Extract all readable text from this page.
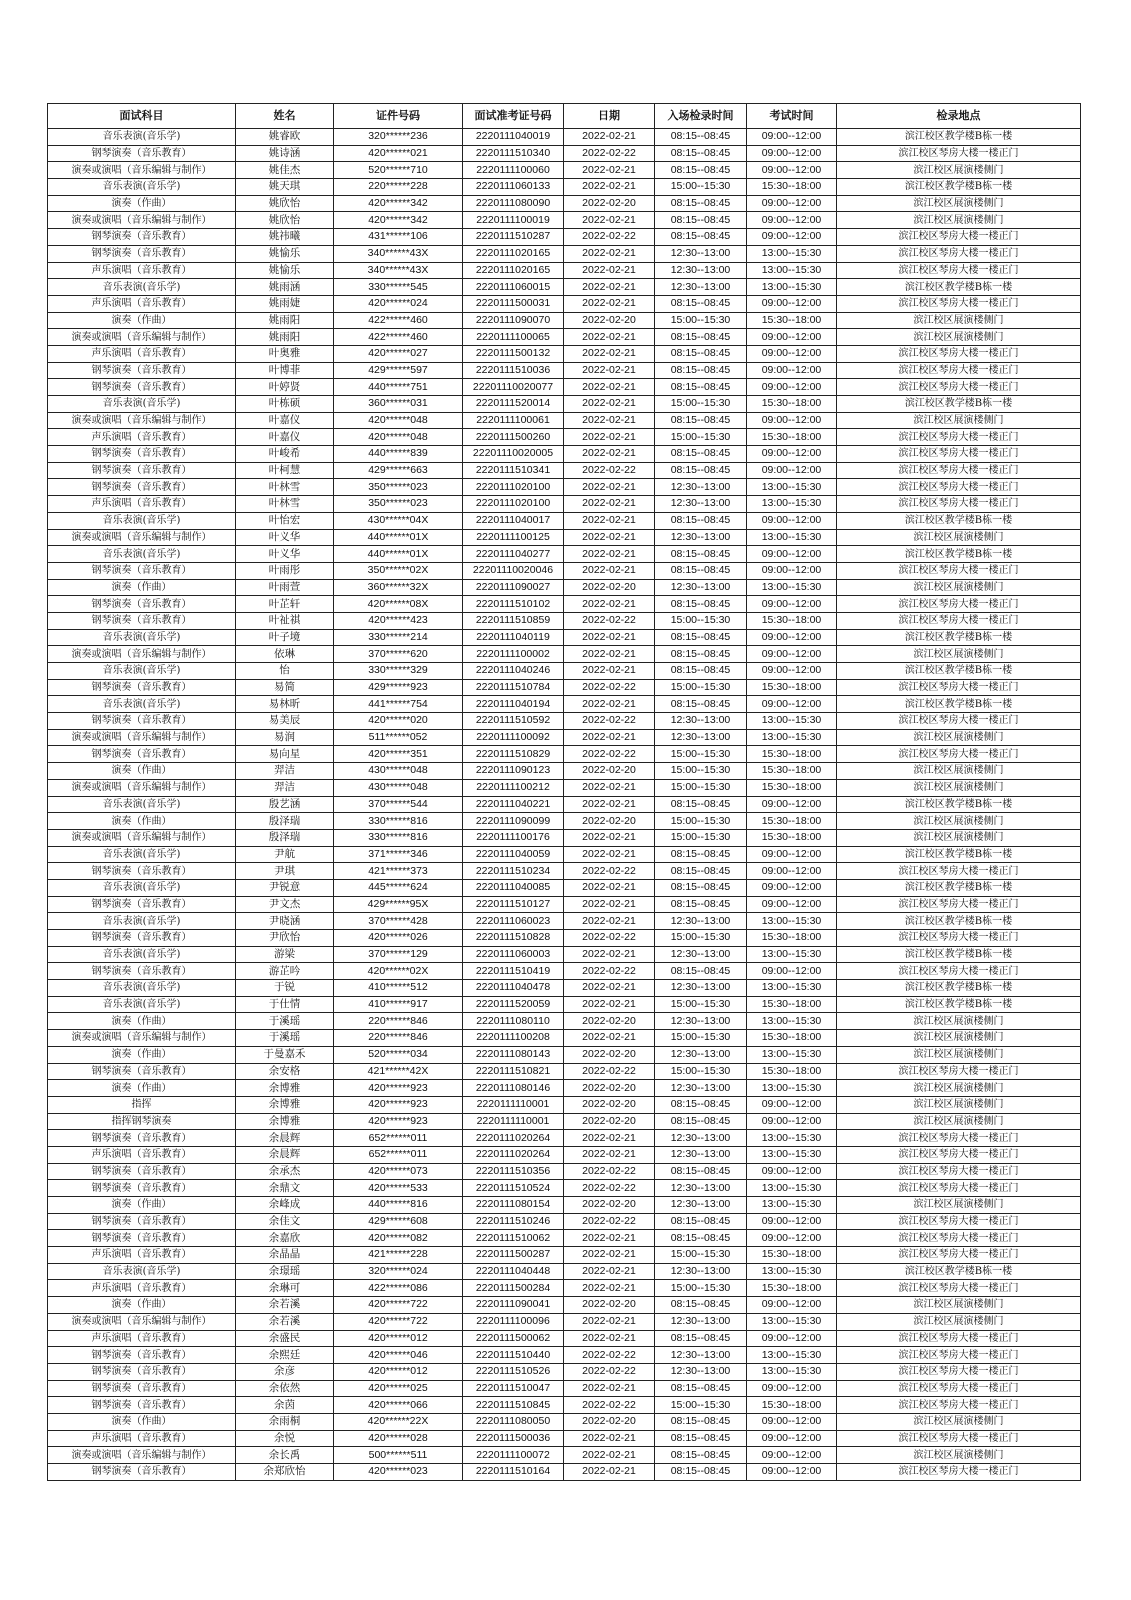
面试科目	姓名	证件号码	面试准考证号码	日期	入场检录时间	考试时间	检录地点
音乐表演(音乐学)	姚睿欧	320******236	2220111040019	2022-02-21	08:15--08:45	09:00--12:00	滨江校区教学楼B栋一楼
钢琴演奏（音乐教育）	姚诗涵	420******021	2220111510340	2022-02-22	08:15--08:45	09:00--12:00	滨江校区琴房大楼一楼正门
演奏或演唱（音乐编辑与制作）	姚佳杰	520******710	2220111100060	2022-02-21	08:15--08:45	09:00--12:00	滨江校区展演楼侧门
音乐表演(音乐学)	姚天琪	220******228	2220111060133	2022-02-21	15:00--15:30	15:30--18:00	滨江校区教学楼B栋一楼
演奏（作曲）	姚欣怡	420******342	2220111080090	2022-02-20	08:15--08:45	09:00--12:00	滨江校区展演楼侧门
演奏或演唱（音乐编辑与制作）	姚欣怡	420******342	2220111100019	2022-02-21	08:15--08:45	09:00--12:00	滨江校区展演楼侧门
钢琴演奏（音乐教育）	姚祎曦	431******106	2220111510287	2022-02-22	08:15--08:45	09:00--12:00	滨江校区琴房大楼一楼正门
钢琴演奏（音乐教育）	姚愉乐	340******43X	2220111020165	2022-02-21	12:30--13:00	13:00--15:30	滨江校区琴房大楼一楼正门
声乐演唱（音乐教育）	姚愉乐	340******43X	2220111020165	2022-02-21	12:30--13:00	13:00--15:30	滨江校区琴房大楼一楼正门
音乐表演(音乐学)	姚雨涵	330******545	2220111060015	2022-02-21	12:30--13:00	13:00--15:30	滨江校区教学楼B栋一楼
声乐演唱（音乐教育）	姚雨婕	420******024	2220111500031	2022-02-21	08:15--08:45	09:00--12:00	滨江校区琴房大楼一楼正门
演奏（作曲）	姚雨阳	422******460	2220111090070	2022-02-20	15:00--15:30	15:30--18:00	滨江校区展演楼侧门
演奏或演唱（音乐编辑与制作）	姚雨阳	422******460	2220111100065	2022-02-21	08:15--08:45	09:00--12:00	滨江校区展演楼侧门
声乐演唱（音乐教育）	叶奥雅	420******027	2220111500132	2022-02-21	08:15--08:45	09:00--12:00	滨江校区琴房大楼一楼正门
钢琴演奏（音乐教育）	叶博菲	429******597	2220111510036	2022-02-21	08:15--08:45	09:00--12:00	滨江校区琴房大楼一楼正门
钢琴演奏（音乐教育）	叶婷贤	440******751	22201110020077	2022-02-21	08:15--08:45	09:00--12:00	滨江校区琴房大楼一楼正门
音乐表演(音乐学)	叶栋硕	360******031	2220111520014	2022-02-21	15:00--15:30	15:30--18:00	滨江校区教学楼B栋一楼
演奏或演唱（音乐编辑与制作）	叶嘉仪	420******048	2220111100061	2022-02-21	08:15--08:45	09:00--12:00	滨江校区展演楼侧门
声乐演唱（音乐教育）	叶嘉仪	420******048	2220111500260	2022-02-21	15:00--15:30	15:30--18:00	滨江校区琴房大楼一楼正门
钢琴演奏（音乐教育）	叶峻希	440******839	22201110020005	2022-02-21	08:15--08:45	09:00--12:00	滨江校区琴房大楼一楼正门
钢琴演奏（音乐教育）	叶柯慧	429******663	2220111510341	2022-02-22	08:15--08:45	09:00--12:00	滨江校区琴房大楼一楼正门
钢琴演奏（音乐教育）	叶林雪	350******023	2220111020100	2022-02-21	12:30--13:00	13:00--15:30	滨江校区琴房大楼一楼正门
声乐演唱（音乐教育）	叶林雪	350******023	2220111020100	2022-02-21	12:30--13:00	13:00--15:30	滨江校区琴房大楼一楼正门
音乐表演(音乐学)	叶怡宏	430******04X	2220111040017	2022-02-21	08:15--08:45	09:00--12:00	滨江校区教学楼B栋一楼
演奏或演唱（音乐编辑与制作）	叶义华	440******01X	2220111100125	2022-02-21	12:30--13:00	13:00--15:30	滨江校区展演楼侧门
音乐表演(音乐学)	叶义华	440******01X	2220111040277	2022-02-21	08:15--08:45	09:00--12:00	滨江校区教学楼B栋一楼
钢琴演奏（音乐教育）	叶雨彤	350******02X	22201110020046	2022-02-21	08:15--08:45	09:00--12:00	滨江校区琴房大楼一楼正门
演奏（作曲）	叶雨萱	360******32X	2220111090027	2022-02-20	12:30--13:00	13:00--15:30	滨江校区展演楼侧门
钢琴演奏（音乐教育）	叶芷轩	420******08X	2220111510102	2022-02-21	08:15--08:45	09:00--12:00	滨江校区琴房大楼一楼正门
钢琴演奏（音乐教育）	叶祉祺	420******423	2220111510859	2022-02-22	15:00--15:30	15:30--18:00	滨江校区琴房大楼一楼正门
音乐表演(音乐学)	叶子境	330******214	2220111040119	2022-02-21	08:15--08:45	09:00--12:00	滨江校区教学楼B栋一楼
演奏或演唱（音乐编辑与制作）	依琳	370******620	2220111100002	2022-02-21	08:15--08:45	09:00--12:00	滨江校区展演楼侧门
音乐表演(音乐学)	怡	330******329	2220111040246	2022-02-21	08:15--08:45	09:00--12:00	滨江校区教学楼B栋一楼
钢琴演奏（音乐教育）	易简	429******923	2220111510784	2022-02-22	15:00--15:30	15:30--18:00	滨江校区琴房大楼一楼正门
音乐表演(音乐学)	易林昕	441******754	2220111040194	2022-02-21	08:15--08:45	09:00--12:00	滨江校区教学楼B栋一楼
钢琴演奏（音乐教育）	易美辰	420******020	2220111510592	2022-02-22	12:30--13:00	13:00--15:30	滨江校区琴房大楼一楼正门
演奏或演唱（音乐编辑与制作）	易润	511******052	2220111100092	2022-02-21	12:30--13:00	13:00--15:30	滨江校区展演楼侧门
钢琴演奏（音乐教育）	易向星	420******351	2220111510829	2022-02-22	15:00--15:30	15:30--18:00	滨江校区琴房大楼一楼正门
演奏（作曲）	羿洁	430******048	2220111090123	2022-02-20	15:00--15:30	15:30--18:00	滨江校区展演楼侧门
演奏或演唱（音乐编辑与制作）	羿洁	430******048	2220111100212	2022-02-21	15:00--15:30	15:30--18:00	滨江校区展演楼侧门
音乐表演(音乐学)	殷艺涵	370******544	2220111040221	2022-02-21	08:15--08:45	09:00--12:00	滨江校区教学楼B栋一楼
演奏（作曲）	殷泽瑞	330******816	2220111090099	2022-02-20	15:00--15:30	15:30--18:00	滨江校区展演楼侧门
演奏或演唱（音乐编辑与制作）	殷泽瑞	330******816	2220111100176	2022-02-21	15:00--15:30	15:30--18:00	滨江校区展演楼侧门
音乐表演(音乐学)	尹航	371******346	2220111040059	2022-02-21	08:15--08:45	09:00--12:00	滨江校区教学楼B栋一楼
钢琴演奏（音乐教育）	尹琪	421******373	2220111510234	2022-02-22	08:15--08:45	09:00--12:00	滨江校区琴房大楼一楼正门
音乐表演(音乐学)	尹锐意	445******624	2220111040085	2022-02-21	08:15--08:45	09:00--12:00	滨江校区教学楼B栋一楼
钢琴演奏（音乐教育）	尹文杰	429******95X	2220111510127	2022-02-21	08:15--08:45	09:00--12:00	滨江校区琴房大楼一楼正门
音乐表演(音乐学)	尹晓涵	370******428	2220111060023	2022-02-21	12:30--13:00	13:00--15:30	滨江校区教学楼B栋一楼
钢琴演奏（音乐教育）	尹欣怡	420******026	2220111510828	2022-02-22	15:00--15:30	15:30--18:00	滨江校区琴房大楼一楼正门
音乐表演(音乐学)	游梁	370******129	2220111060003	2022-02-21	12:30--13:00	13:00--15:30	滨江校区教学楼B栋一楼
钢琴演奏（音乐教育）	游芷吟	420******02X	2220111510419	2022-02-22	08:15--08:45	09:00--12:00	滨江校区琴房大楼一楼正门
音乐表演(音乐学)	于锐	410******512	2220111040478	2022-02-21	12:30--13:00	13:00--15:30	滨江校区教学楼B栋一楼
音乐表演(音乐学)	于仕情	410******917	2220111520059	2022-02-21	15:00--15:30	15:30--18:00	滨江校区教学楼B栋一楼
演奏（作曲）	于溪瑶	220******846	2220111080110	2022-02-20	12:30--13:00	13:00--15:30	滨江校区展演楼侧门
演奏或演唱（音乐编辑与制作）	于溪瑶	220******846	2220111100208	2022-02-21	15:00--15:30	15:30--18:00	滨江校区展演楼侧门
演奏（作曲）	于曼嘉禾	520******034	2220111080143	2022-02-20	12:30--13:00	13:00--15:30	滨江校区展演楼侧门
钢琴演奏（音乐教育）	余安格	421******42X	2220111510821	2022-02-22	15:00--15:30	15:30--18:00	滨江校区琴房大楼一楼正门
演奏（作曲）	余博雅	420******923	2220111080146	2022-02-20	12:30--13:00	13:00--15:30	滨江校区展演楼侧门
指挥	余博雅	420******923	2220111110001	2022-02-20	08:15--08:45	09:00--12:00	滨江校区展演楼侧门
指挥钢琴演奏	余博雅	420******923	2220111110001	2022-02-20	08:15--08:45	09:00--12:00	滨江校区展演楼侧门
钢琴演奏（音乐教育）	余晨辉	652******011	2220111020264	2022-02-21	12:30--13:00	13:00--15:30	滨江校区琴房大楼一楼正门
声乐演唱（音乐教育）	余晨辉	652******011	2220111020264	2022-02-21	12:30--13:00	13:00--15:30	滨江校区琴房大楼一楼正门
钢琴演奏（音乐教育）	余承杰	420******073	2220111510356	2022-02-22	08:15--08:45	09:00--12:00	滨江校区琴房大楼一楼正门
钢琴演奏（音乐教育）	余鼎文	420******533	2220111510524	2022-02-22	12:30--13:00	13:00--15:30	滨江校区琴房大楼一楼正门
演奏（作曲）	余峰成	440******816	2220111080154	2022-02-20	12:30--13:00	13:00--15:30	滨江校区展演楼侧门
钢琴演奏（音乐教育）	余佳文	429******608	2220111510246	2022-02-22	08:15--08:45	09:00--12:00	滨江校区琴房大楼一楼正门
钢琴演奏（音乐教育）	余嘉欣	420******082	2220111510062	2022-02-21	08:15--08:45	09:00--12:00	滨江校区琴房大楼一楼正门
声乐演唱（音乐教育）	余晶晶	421******228	2220111500287	2022-02-21	15:00--15:30	15:30--18:00	滨江校区琴房大楼一楼正门
音乐表演(音乐学)	余璟瑶	320******024	2220111040448	2022-02-21	12:30--13:00	13:00--15:30	滨江校区教学楼B栋一楼
声乐演唱（音乐教育）	余琳可	422******086	2220111500284	2022-02-21	15:00--15:30	15:30--18:00	滨江校区琴房大楼一楼正门
演奏（作曲）	余若溪	420******722	2220111090041	2022-02-20	08:15--08:45	09:00--12:00	滨江校区展演楼侧门
演奏或演唱（音乐编辑与制作）	余若溪	420******722	2220111100096	2022-02-21	12:30--13:00	13:00--15:30	滨江校区展演楼侧门
声乐演唱（音乐教育）	余盛民	420******012	2220111500062	2022-02-21	08:15--08:45	09:00--12:00	滨江校区琴房大楼一楼正门
钢琴演奏（音乐教育）	余熙廷	420******046	2220111510440	2022-02-22	12:30--13:00	13:00--15:30	滨江校区琴房大楼一楼正门
钢琴演奏（音乐教育）	余彦	420******012	2220111510526	2022-02-22	12:30--13:00	13:00--15:30	滨江校区琴房大楼一楼正门
钢琴演奏（音乐教育）	余依然	420******025	2220111510047	2022-02-21	08:15--08:45	09:00--12:00	滨江校区琴房大楼一楼正门
钢琴演奏（音乐教育）	余茵	420******066	2220111510845	2022-02-22	15:00--15:30	15:30--18:00	滨江校区琴房大楼一楼正门
演奏（作曲）	余雨桐	420******22X	2220111080050	2022-02-20	08:15--08:45	09:00--12:00	滨江校区展演楼侧门
声乐演唱（音乐教育）	余悦	420******028	2220111500036	2022-02-21	08:15--08:45	09:00--12:00	滨江校区琴房大楼一楼正门
演奏或演唱（音乐编辑与制作）	余长禹	500******511	2220111100072	2022-02-21	08:15--08:45	09:00--12:00	滨江校区展演楼侧门
钢琴演奏（音乐教育）	余郑欣怡	420******023	2220111510164	2022-02-21	08:15--08:45	09:00--12:00	滨江校区琴房大楼一楼正门
